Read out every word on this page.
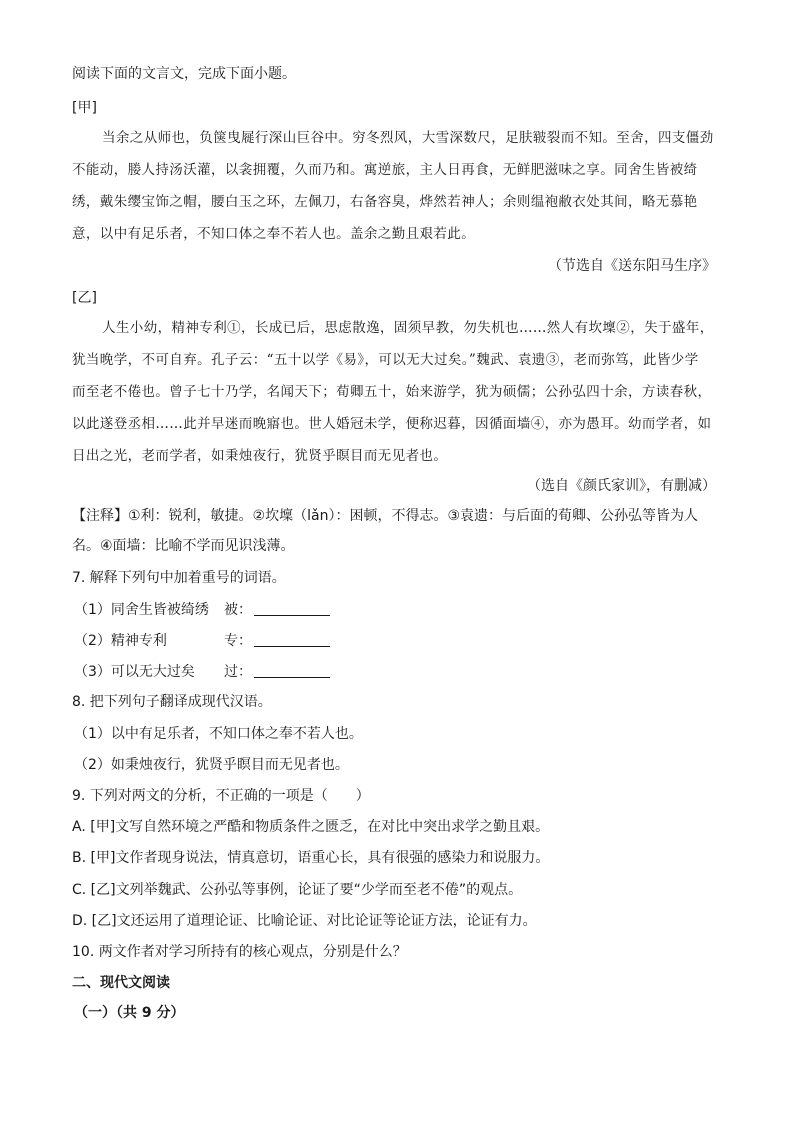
阅读下面的文言文，完成下面小题。
[甲]
当余之从师也，负箧曳屣行深山巨谷中。穷冬烈风，大雪深数尺，足肤皲裂而不知。至舍，四支僵劲
不能动，媵人持汤沃灌，以衾拥覆，久而乃和。寓逆旅，主人日再食，无鲜肥滋味之享。同舍生皆被绮
绣，戴朱缨宝饰之帽，腰白玉之环，左佩刀，右备容臭，烨然若神人；余则缊袍敝衣处其间，略无慕艳
意，以中有足乐者，不知口体之奉不若人也。盖余之勤且艰若此。
（节选自《送东阳马生序》
[乙]
人生小幼，精神专利①，长成已后，思虑散逸，固须早教，勿失机也……然人有坎壈②，失于盛年，
犹当晚学，不可自弃。孔子云：“五十以学《易》，可以无大过矣。”魏武、袁遗③，老而弥笃，此皆少学
而至老不倦也。曾子七十乃学，名闻天下；荀卿五十，始来游学，犹为硕儒；公孙弘四十余，方读春秋，
以此遂登丞相……此并早迷而晚寤也。世人婚冠未学，便称迟暮，因循面墙④，亦为愚耳。幼而学者，如
日出之光，老而学者，如秉烛夜行，犹贤乎瞑目而无见者也。
（选自《颜氏家训》，有删减）
【注释】①利：锐利，敏捷。②坎壈（lǎn）：困顿，不得志。③袁遗：与后面的荀卿、公孙弘等皆为人
名。④面墙：比喻不学而见识浅薄。
7. 解释下列句中加着重号的词语。
（1）同舍生皆被绮绣 被：
（2）精神专利	专：
（3）可以无大过矣 过：
8. 把下列句子翻译成现代汉语。
（1）以中有足乐者，不知口体之奉不若人也。
（2）如秉烛夜行，犹贤乎瞑目而无见者也。
9. 下列对两文的分析，不正确的一项是（　　）
A. [甲]文写自然环境之严酷和物质条件之匮乏，在对比中突出求学之勤且艰。
B. [甲]文作者现身说法，情真意切，语重心长，具有很强的感染力和说服力。
C. [乙]文列举魏武、公孙弘等事例，论证了要“少学而至老不倦”的观点。
D. [乙]文还运用了道理论证、比喻论证、对比论证等论证方法，论证有力。
10. 两文作者对学习所持有的核心观点，分别是什么？
二、现代文阅读
（一）（共 9 分）
